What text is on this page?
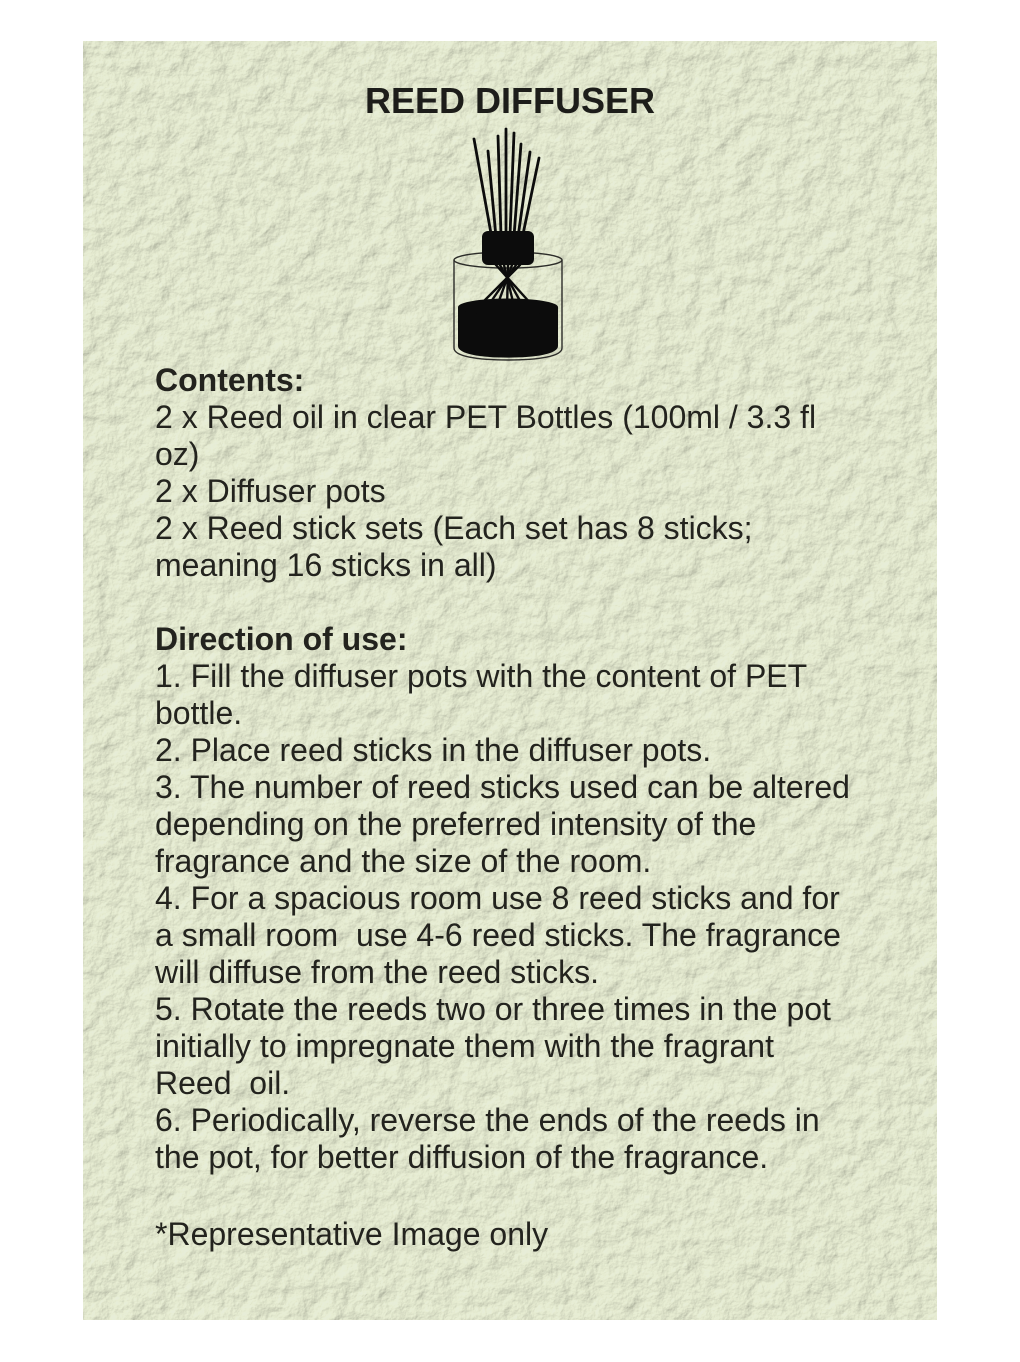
REED DIFFUSER

Contents:

2 x Reed oil in clear PET Bottles (100ml / 3.3 fl oz)

2 x Diffuser pots

2 x Reed stick sets (Each set has 8 sticks; meaning 16 sticks in all)

Direction of use:

1. Fill the diffuser pots with the content of PET bottle.

2. Place reed sticks in the diffuser pots.

3. The number of reed sticks used can be altered depending on the preferred intensity of the fragrance and the size of the room.

4. For a spacious room use 8 reed sticks and for a small room  use 4-6 reed sticks. The fragrance will diffuse from the reed sticks.

5. Rotate the reeds two or three times in the pot initially to impregnate them with the fragrant Reed  oil.

6. Periodically, reverse the ends of the reeds in the pot, for better diffusion of the fragrance.

*Representative Image only
